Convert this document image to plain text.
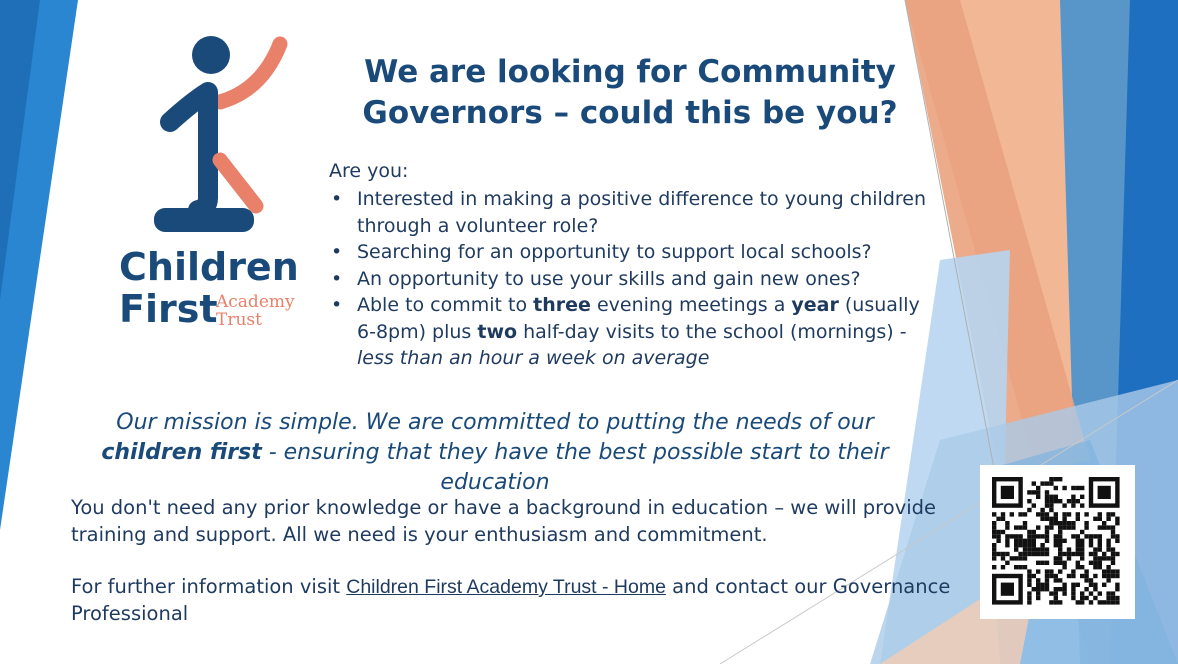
Children
First
Academy
Trust
We are looking for Community
Governors – could this be you?
Are you:
• Interested in making a positive difference to young children through a volunteer role?
• Searching for an opportunity to support local schools?
• An opportunity to use your skills and gain new ones?
• Able to commit to three evening meetings a year (usually 6-8pm) plus two half-day visits to the school (mornings) - less than an hour a week on average
Our mission is simple. We are committed to putting the needs of our children first - ensuring that they have the best possible start to their education
You don't need any prior knowledge or have a background in education – we will provide training and support. All we need is your enthusiasm and commitment.
For further information visit Children First Academy Trust - Home and contact our Governance Professional
